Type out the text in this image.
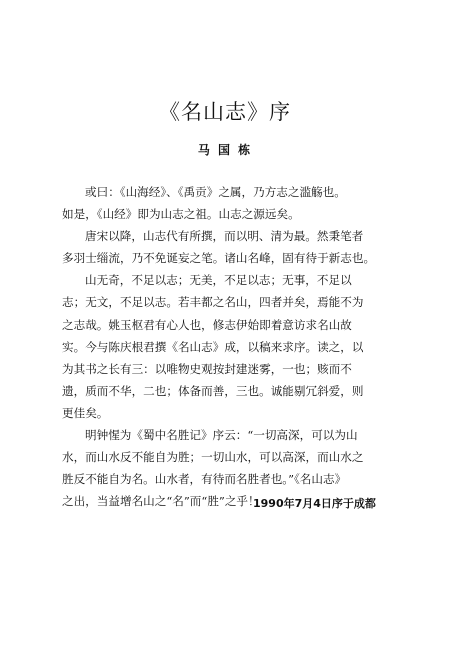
《名山志》序
马 国 栋
或曰：《山海经》、《禹贡》之属，乃方志之滥觞也。
如是，《山经》即为山志之祖。山志之源远矣。
唐宋以降，山志代有所撰，而以明、清为最。然秉笔者
多羽士缁流，乃不免诞妄之笔。诸山名峰，固有待于新志也。
山无奇，不足以志；无美，不足以志；无事，不足以
志；无文，不足以志。若丰都之名山，四者并矣，焉能不为
之志哉。姚玉枢君有心人也，修志伊始即着意访求名山故
实。今与陈庆根君撰《名山志》成，以稿来求序。读之，以
为其书之长有三：以唯物史观按封建迷雾，一也；赅而不
遗，质而不华，二也；体备而善，三也。诚能剔冗斜爱，则
更佳矣。
明钟惺为《蜀中名胜记》序云：“一切高深，可以为山
水，而山水反不能自为胜；一切山水，可以高深，而山水之
胜反不能自为名。山水者，有待而名胜者也。”《名山志》
之出，当益增名山之“名”而“胜”之乎！
1990年7月4日序于成都
